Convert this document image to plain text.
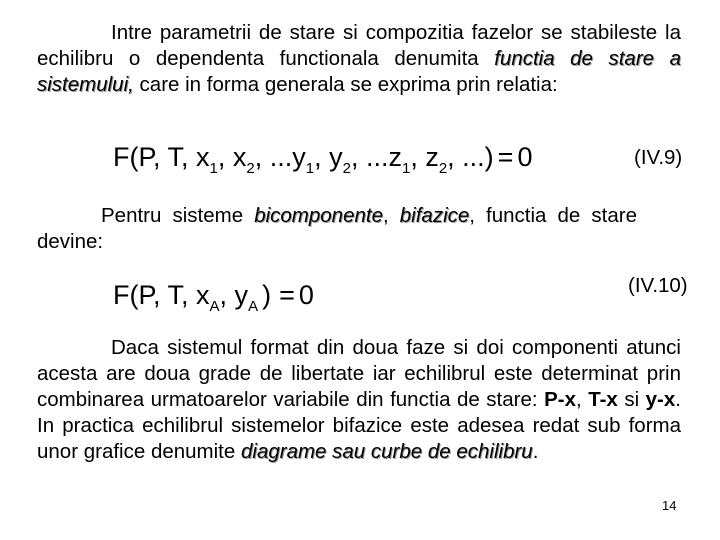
Intre parametrii de stare si compozitia fazelor se stabileste la echilibru o dependenta functionala denumita functia de stare a sistemului, care in forma generala se exprima prin relatia:
F(P, T, $x_1$, $x_2$, $...y_1$, $y_2$, $...z_1$, $z_2$, ...) = 0	(IV.9)
Pentru sisteme bicomponente, bifazice, functia de stare devine:
F(P, T, $x_A$, $y_A$ ) = 0	(IV.10)
Daca sistemul format din doua faze si doi componenti atunci acesta are doua grade de libertate iar echilibrul este determinat prin combinarea urmatoarelor variabile din functia de stare: P-x, T-x si y-x. In practica echilibrul sistemelor bifazice este adesea redat sub forma unor grafice denumite diagrame sau curbe de echilibru.
14
